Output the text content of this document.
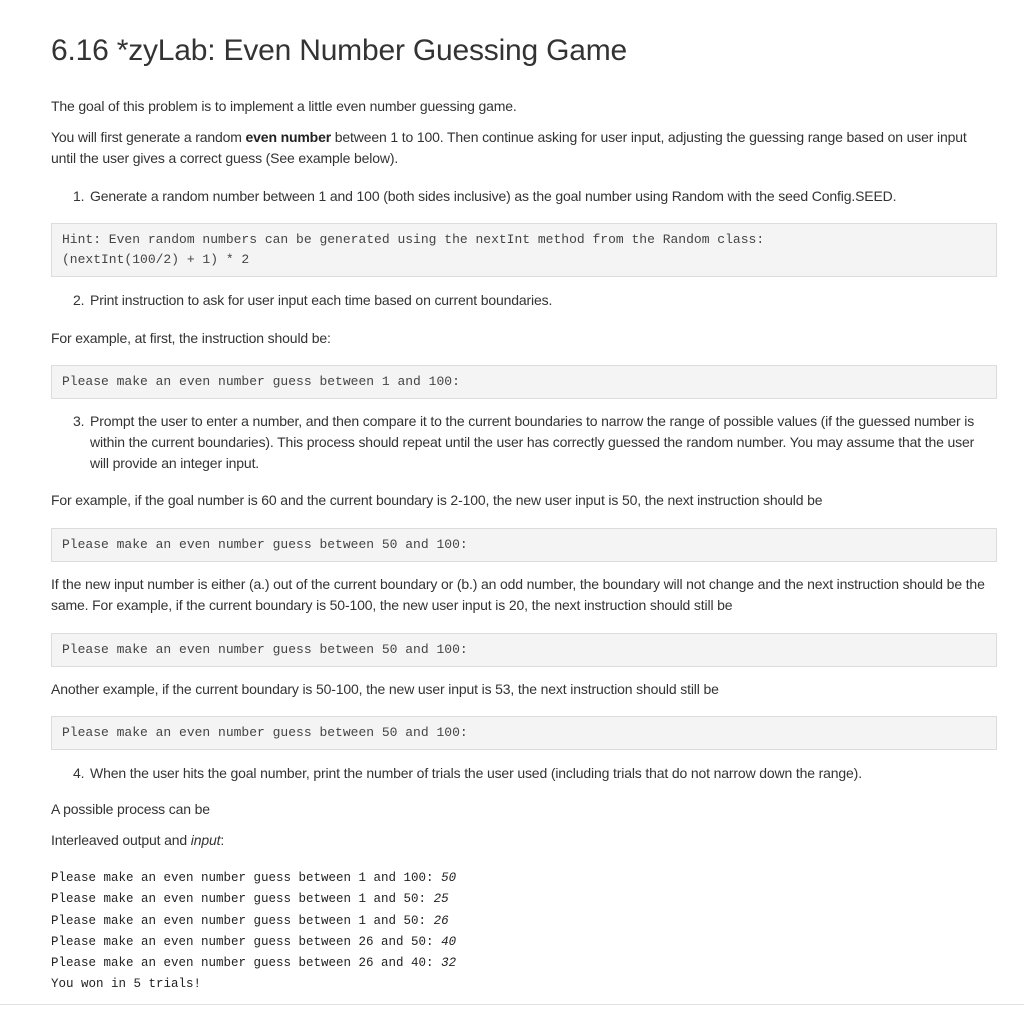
6.16 *zyLab: Even Number Guessing Game

The goal of this problem is to implement a little even number guessing game.

You will first generate a random even number between 1 to 100. Then continue asking for user input, adjusting the guessing range based on user input until the user gives a correct guess (See example below).

1. Generate a random number between 1 and 100 (both sides inclusive) as the goal number using Random with the seed Config.SEED.
Hint: Even random numbers can be generated using the nextInt method from the Random class:
(nextInt(100/2) + 1) * 2
2. Print instruction to ask for user input each time based on current boundaries.

For example, at first, the instruction should be:

Please make an even number guess between 1 and 100:
3. Prompt the user to enter a number, and then compare it to the current boundaries to narrow the range of possible values (if the guessed number is within the current boundaries). This process should repeat until the user has correctly guessed the random number. You may assume that the user will provide an integer input.

For example, if the goal number is 60 and the current boundary is 2-100, the new user input is 50, the next instruction should be

Please make an even number guess between 50 and 100:

If the new input number is either (a.) out of the current boundary or (b.) an odd number, the boundary will not change and the next instruction should be the same. For example, if the current boundary is 50-100, the new user input is 20, the next instruction should still be

Please make an even number guess between 50 and 100:

Another example, if the current boundary is 50-100, the new user input is 53, the next instruction should still be

Please make an even number guess between 50 and 100:
4. When the user hits the goal number, print the number of trials the user used (including trials that do not narrow down the range).

A possible process can be

Interleaved output and input:

Please make an even number guess between 1 and 100: 50
Please make an even number guess between 1 and 50: 25
Please make an even number guess between 1 and 50: 26
Please make an even number guess between 26 and 50: 40
Please make an even number guess between 26 and 40: 32
You won in 5 trials!
